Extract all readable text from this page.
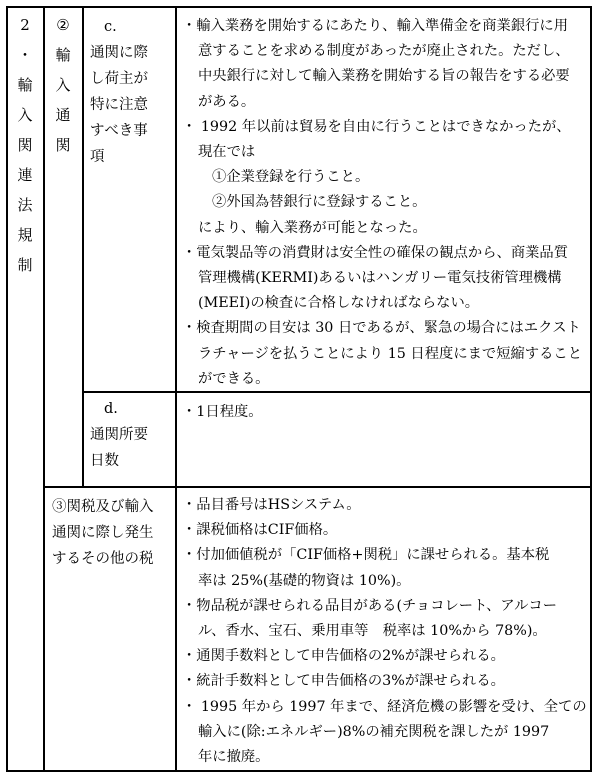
2
・
輸
入
関
連
法
規
制
②
輸
入
通
関

c.

通関に際

し荷主が

特に注意

すべき事

項

・輸入業務を開始するにあたり、輸入準備金を商業銀行に用

意することを求める制度があったが廃止された。ただし、

中央銀行に対して輸入業務を開始する旨の報告をする必要

がある。

・ 1992 年以前は貿易を自由に行うことはできなかったが、

現在では

①企業登録を行うこと。

②外国為替銀行に登録すること。

により、輸入業務が可能となった。

・電気製品等の消費財は安全性の確保の観点から、商業品質

管理機構(KERMI)あるいはハンガリー電気技術管理機構

(MEEI)の検査に合格しなければならない。

・検査期間の目安は 30 日であるが、緊急の場合にはエクスト

ラチャージを払うことにより 15 日程度にまで短縮すること

ができる。

d.

通関所要

日数

・1日程度。

③関税及び輸入

通関に際し発生

するその他の税

・品目番号はHSシステム。

・課税価格はCIF価格。

・付加価値税が「CIF価格+関税」に課せられる。基本税

率は 25%(基礎的物資は 10%)。

・物品税が課せられる品目がある(チョコレート、アルコー

ル、香水、宝石、乗用車等　税率は 10%から 78%)。

・通関手数料として申告価格の2%が課せられる。

・統計手数料として申告価格の3%が課せられる。

・ 1995 年から 1997 年まで、経済危機の影響を受け、全ての

輸入に(除:エネルギー)8%の補充関税を課したが 1997

年に撤廃。
